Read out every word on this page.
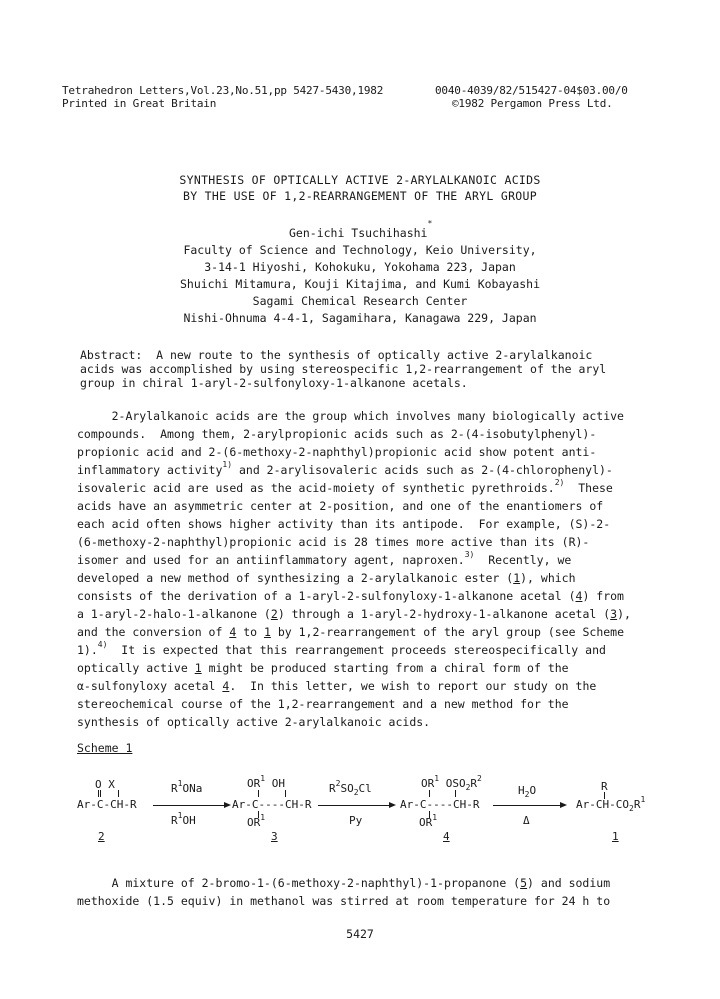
Tetrahedron Letters,Vol.23,No.51,pp 5427-5430,1982	0040-4039/82/515427-04$03.00/0
Printed in Great Britain	©1982 Pergamon Press Ltd.
SYNTHESIS OF OPTICALLY ACTIVE 2-ARYLALKANOIC ACIDS
BY THE USE OF 1,2-REARRANGEMENT OF THE ARYL GROUP
Gen-ichi Tsuchihashi*
Faculty of Science and Technology, Keio University,
3-14-1 Hiyoshi, Kohokuku, Yokohama 223, Japan
Shuichi Mitamura, Kouji Kitajima, and Kumi Kobayashi
Sagami Chemical Research Center
Nishi-Ohnuma 4-4-1, Sagamihara, Kanagawa 229, Japan
Abstract:  A new route to the synthesis of optically active 2-arylalkanoic
acids was accomplished by using stereospecific 1,2-rearrangement of the aryl
group in chiral 1-aryl-2-sulfonyloxy-1-alkanone acetals.
2-Arylalkanoic acids are the group which involves many biologically active
compounds.  Among them, 2-arylpropionic acids such as 2-(4-isobutylphenyl)-
propionic acid and 2-(6-methoxy-2-naphthyl)propionic acid show potent anti-
inflammatory activity$^{1)}$ and 2-arylisovaleric acids such as 2-(4-chlorophenyl)-
isovaleric acid are used as the acid-moiety of synthetic pyrethroids.$^{2)}$  These
acids have an asymmetric center at 2-position, and one of the enantiomers of
each acid often shows higher activity than its antipode.  For example, (S)-2-
(6-methoxy-2-naphthyl)propionic acid is 28 times more active than its (R)-
isomer and used for an antiinflammatory agent, naproxen.$^{3)}$  Recently, we
developed a new method of synthesizing a 2-arylalkanoic ester (1), which
consists of the derivation of a 1-aryl-2-sulfonyloxy-1-alkanone acetal (4) from
a 1-aryl-2-halo-1-alkanone (2) through a 1-aryl-2-hydroxy-1-alkanone acetal (3),
and the conversion of 4 to 1 by 1,2-rearrangement of the aryl group (see Scheme
1).$^{4)}$  It is expected that this rearrangement proceeds stereospecifically and
optically active 1 might be produced starting from a chiral form of the
α-sulfonyloxy acetal 4.  In this letter, we wish to report our study on the
stereochemical course of the 1,2-rearrangement and a new method for the
synthesis of optically active 2-arylalkanoic acids.
Scheme 1
O X
Ar-C-CH-R
2
$R^1ONa$
$R^1OH$
$OR^1$ OH
Ar-C----CH-R
$OR^1$
3
$R^2SO_2Cl$
Py
$OR^1$ $OSO_2R^2$
Ar-C----CH-R
$OR^1$
4
$H_2O$
Δ
R
$Ar-CH-CO_2R^1$
1
A mixture of 2-bromo-1-(6-methoxy-2-naphthyl)-1-propanone (5) and sodium
methoxide (1.5 equiv) in methanol was stirred at room temperature for 24 h to
5427
